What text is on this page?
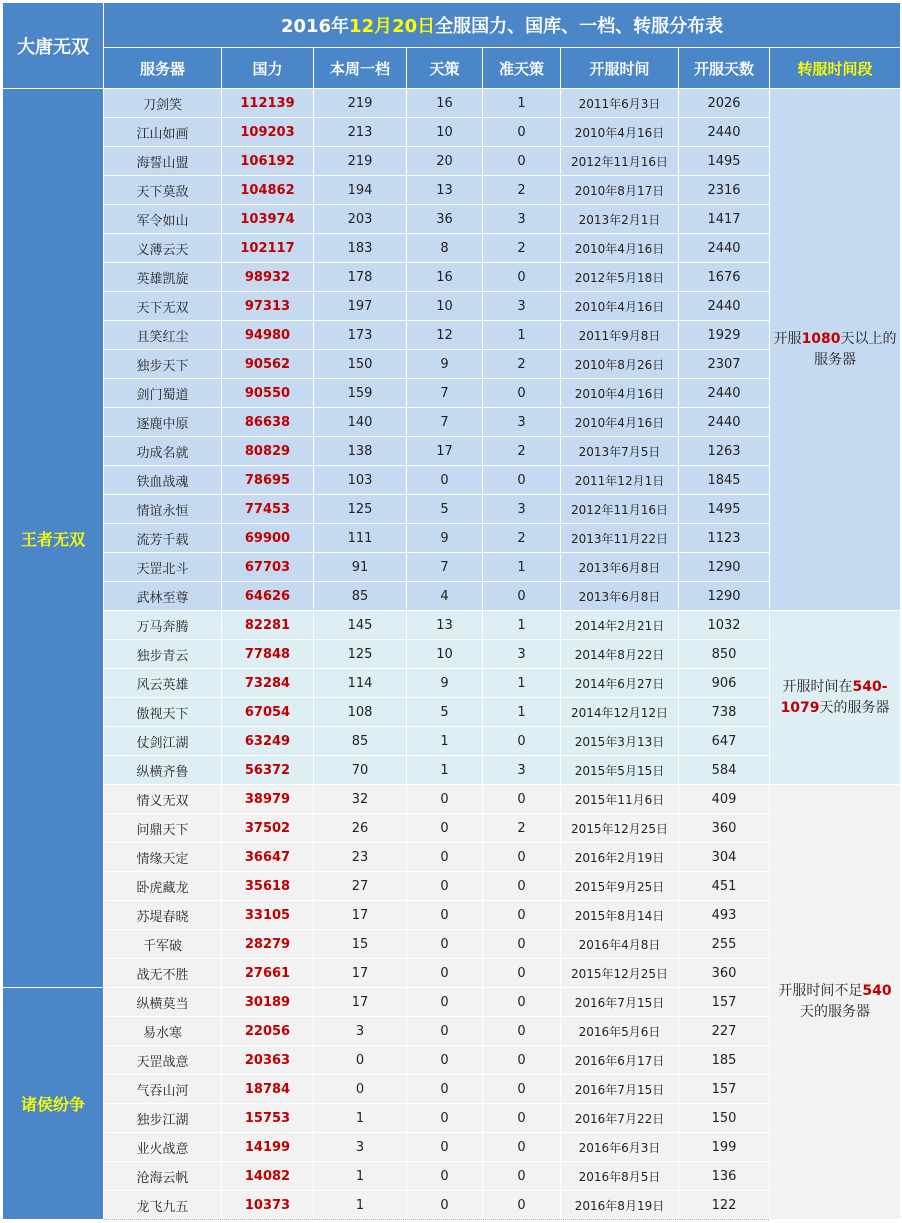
大唐无双	2016年12月20日全服国力、国库、一档、转服分布表							
	服务器	国力	本周一档	天策	准天策	开服时间	开服天数	转服时间段
王者无双	刀剑笑	112139	219	16	1	2011年6月3日	2026	开服1080天以上的服务器
	江山如画	109203	213	10	0	2010年4月16日	2440	
	海誓山盟	106192	219	20	0	2012年11月16日	1495	
	天下莫敌	104862	194	13	2	2010年8月17日	2316	
	军令如山	103974	203	36	3	2013年2月1日	1417	
	义薄云天	102117	183	8	2	2010年4月16日	2440	
	英雄凯旋	98932	178	16	0	2012年5月18日	1676	
	天下无双	97313	197	10	3	2010年4月16日	2440	
	且笑红尘	94980	173	12	1	2011年9月8日	1929	
	独步天下	90562	150	9	2	2010年8月26日	2307	
	剑门蜀道	90550	159	7	0	2010年4月16日	2440	
	逐鹿中原	86638	140	7	3	2010年4月16日	2440	
	功成名就	80829	138	17	2	2013年7月5日	1263	
	铁血战魂	78695	103	0	0	2011年12月1日	1845	
	情谊永恒	77453	125	5	3	2012年11月16日	1495	
	流芳千载	69900	111	9	2	2013年11月22日	1123	
	天罡北斗	67703	91	7	1	2013年6月8日	1290	
	武林至尊	64626	85	4	0	2013年6月8日	1290	
	万马奔腾	82281	145	13	1	2014年2月21日	1032	开服时间在540-1079天的服务器
	独步青云	77848	125	10	3	2014年8月22日	850	
	风云英雄	73284	114	9	1	2014年6月27日	906	
	傲视天下	67054	108	5	1	2014年12月12日	738	
	仗剑江湖	63249	85	1	0	2015年3月13日	647	
	纵横齐鲁	56372	70	1	3	2015年5月15日	584	
	情义无双	38979	32	0	0	2015年11月6日	409	开服时间不足540天的服务器
	问鼎天下	37502	26	0	2	2015年12月25日	360	
	情缘天定	36647	23	0	0	2016年2月19日	304	
	卧虎藏龙	35618	27	0	0	2015年9月25日	451	
	苏堤春晓	33105	17	0	0	2015年8月14日	493	
	千军破	28279	15	0	0	2016年4月8日	255	
	战无不胜	27661	17	0	0	2015年12月25日	360	
诸侯纷争	纵横莫当	30189	17	0	0	2016年7月15日	157	
	易水寒	22056	3	0	0	2016年5月6日	227	
	天罡战意	20363	0	0	0	2016年6月17日	185	
	气吞山河	18784	0	0	0	2016年7月15日	157	
	独步江湖	15753	1	0	0	2016年7月22日	150	
	业火战意	14199	3	0	0	2016年6月3日	199	
	沧海云帆	14082	1	0	0	2016年8月5日	136	
	龙飞九五	10373	1	0	0	2016年8月19日	122	
